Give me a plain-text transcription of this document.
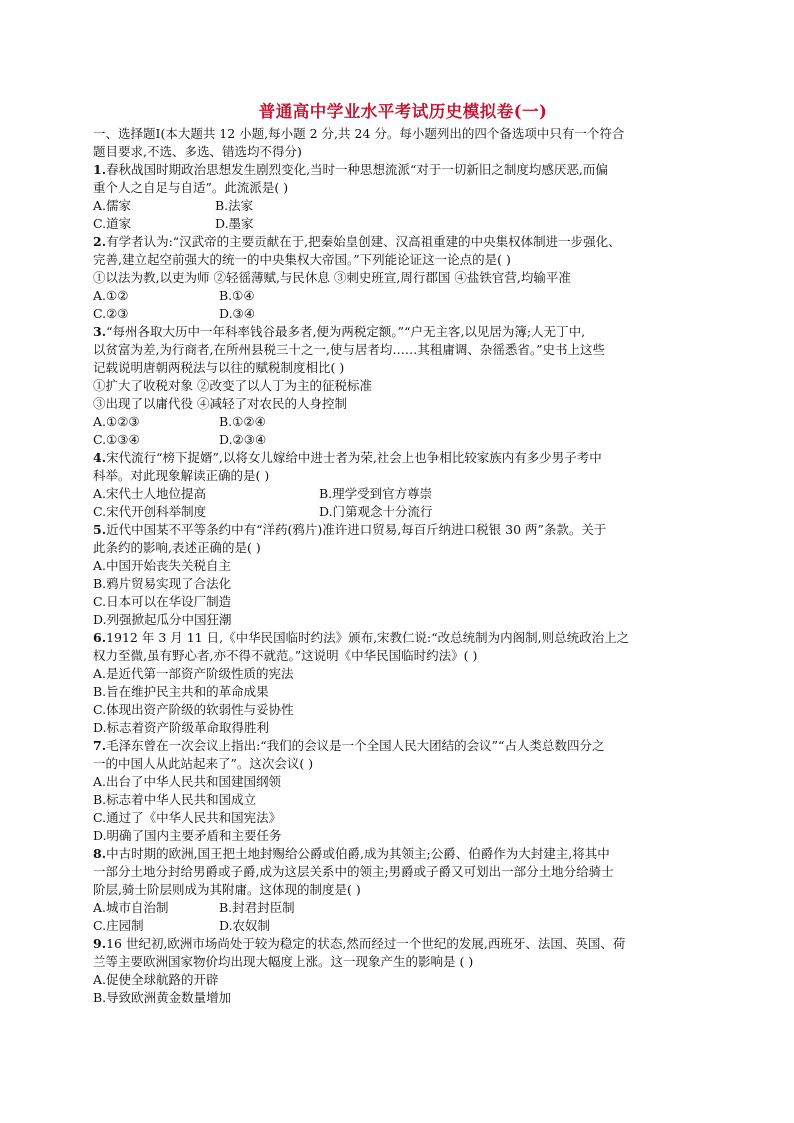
普通高中学业水平考试历史模拟卷(一)
一、选择题Ⅰ(本大题共 12 小题,每小题 2 分,共 24 分。每小题列出的四个备选项中只有一个符合
题目要求,不选、多选、错选均不得分)
1.春秋战国时期政治思想发生剧烈变化,当时一种思想流派“对于一切新旧之制度均感厌恶,而偏
重个人之自足与自适”。此流派是( )
A.儒家	B.法家
C.道家	D.墨家
2.有学者认为:“汉武帝的主要贡献在于,把秦始皇创建、汉高祖重建的中央集权体制进一步强化、
完善,建立起空前强大的统一的中央集权大帝国。”下列能论证这一论点的是( )
①以法为教,以吏为师 ②轻徭薄赋,与民休息 ③刺史班宣,周行郡国 ④盐铁官营,均输平准
A.①②	B.①④
C.②③	D.③④
3.“每州各取大历中一年科率钱谷最多者,便为两税定额。”“户无主客,以见居为簿;人无丁中,
以贫富为差,为行商者,在所州县税三十之一,使与居者均……其租庸调、杂徭悉省。”史书上这些
记载说明唐朝两税法与以往的赋税制度相比( )
①扩大了收税对象 ②改变了以人丁为主的征税标准
③出现了以庸代役 ④减轻了对农民的人身控制
A.①②③	B.①②④
C.①③④	D.②③④
4.宋代流行“榜下捉婿”,以将女儿嫁给中进士者为荣,社会上也争相比较家族内有多少男子考中
科举。对此现象解读正确的是( )
A.宋代士人地位提高	B.理学受到官方尊崇
C.宋代开创科举制度	D.门第观念十分流行
5.近代中国某不平等条约中有“洋药(鸦片)准许进口贸易,每百斤纳进口税银 30 两”条款。关于
此条约的影响,表述正确的是( )
A.中国开始丧失关税自主
B.鸦片贸易实现了合法化
C.日本可以在华设厂制造
D.列强掀起瓜分中国狂潮
6.1912 年 3 月 11 日,《中华民国临时约法》颁布,宋教仁说:“改总统制为内阁制,则总统政治上之
权力至微,虽有野心者,亦不得不就范。”这说明《中华民国临时约法》( )
A.是近代第一部资产阶级性质的宪法
B.旨在维护民主共和的革命成果
C.体现出资产阶级的软弱性与妥协性
D.标志着资产阶级革命取得胜利
7.毛泽东曾在一次会议上指出:“我们的会议是一个全国人民大团结的会议”“占人类总数四分之
一的中国人从此站起来了”。这次会议( )
A.出台了中华人民共和国建国纲领
B.标志着中华人民共和国成立
C.通过了《中华人民共和国宪法》
D.明确了国内主要矛盾和主要任务
8.中古时期的欧洲,国王把土地封赐给公爵或伯爵,成为其领主;公爵、伯爵作为大封建主,将其中
一部分土地分封给男爵或子爵,成为这层关系中的领主;男爵或子爵又可划出一部分土地分给骑士
阶层,骑士阶层则成为其附庸。这体现的制度是( )
A.城市自治制	B.封君封臣制
C.庄园制	D.农奴制
9.16 世纪初,欧洲市场尚处于较为稳定的状态,然而经过一个世纪的发展,西班牙、法国、英国、荷
兰等主要欧洲国家物价均出现大幅度上涨。这一现象产生的影响是 ( )
A.促使全球航路的开辟
B.导致欧洲黄金数量增加
